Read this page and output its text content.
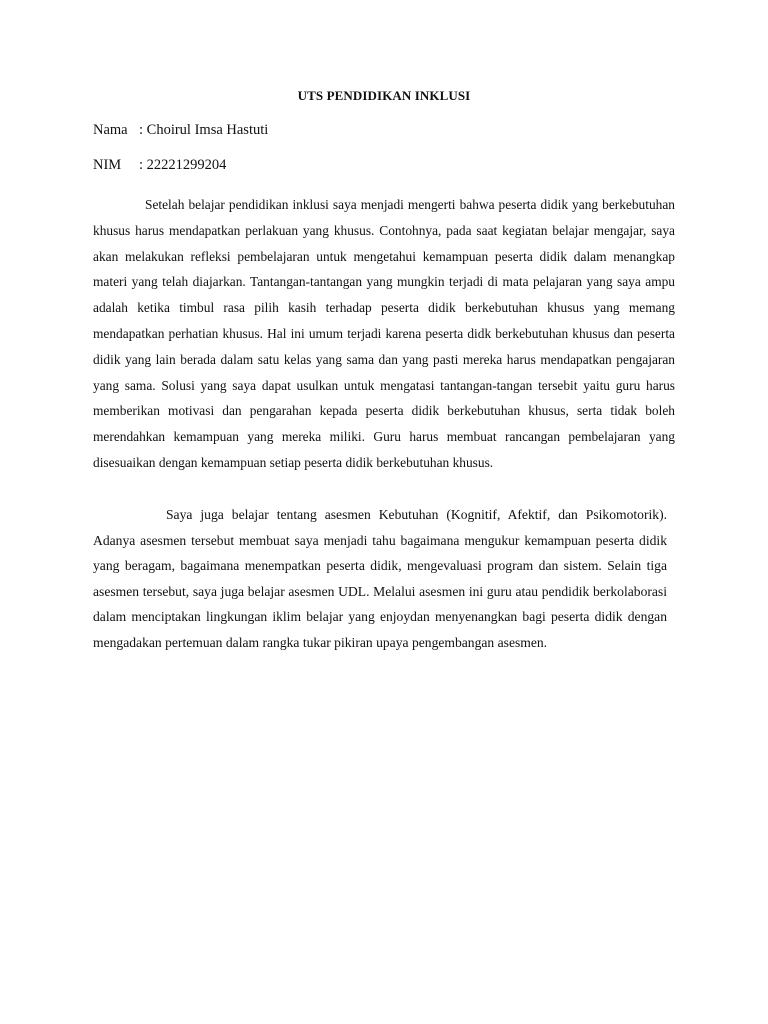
UTS PENDIDIKAN INKLUSI
Nama : Choirul Imsa Hastuti
NIM : 22221299204

Setelah belajar pendidikan inklusi saya menjadi mengerti bahwa peserta didik yang berkebutuhan khusus harus mendapatkan perlakuan yang khusus. Contohnya, pada saat kegiatan belajar mengajar, saya akan melakukan refleksi pembelajaran untuk mengetahui kemampuan peserta didik dalam menangkap materi yang telah diajarkan. Tantangan-tantangan yang mungkin terjadi di mata pelajaran yang saya ampu adalah ketika timbul rasa pilih kasih terhadap peserta didik berkebutuhan khusus yang memang mendapatkan perhatian khusus. Hal ini umum terjadi karena peserta didk berkebutuhan khusus dan peserta didik yang lain berada dalam satu kelas yang sama dan yang pasti mereka harus mendapatkan pengajaran yang sama. Solusi yang saya dapat usulkan untuk mengatasi tantangan-tangan tersebit yaitu guru harus memberikan motivasi dan pengarahan kepada peserta didik berkebutuhan khusus, serta tidak boleh merendahkan kemampuan yang mereka miliki. Guru harus membuat rancangan pembelajaran yang disesuaikan dengan kemampuan setiap peserta didik berkebutuhan khusus.

Saya juga belajar tentang asesmen Kebutuhan (Kognitif, Afektif, dan Psikomotorik). Adanya asesmen tersebut membuat saya menjadi tahu bagaimana mengukur kemampuan peserta didik yang beragam, bagaimana menempatkan peserta didik, mengevaluasi program dan sistem. Selain tiga asesmen tersebut, saya juga belajar asesmen UDL. Melalui asesmen ini guru atau pendidik berkolaborasi dalam menciptakan lingkungan iklim belajar yang enjoydan menyenangkan bagi peserta didik dengan mengadakan pertemuan dalam rangka tukar pikiran upaya pengembangan asesmen.
